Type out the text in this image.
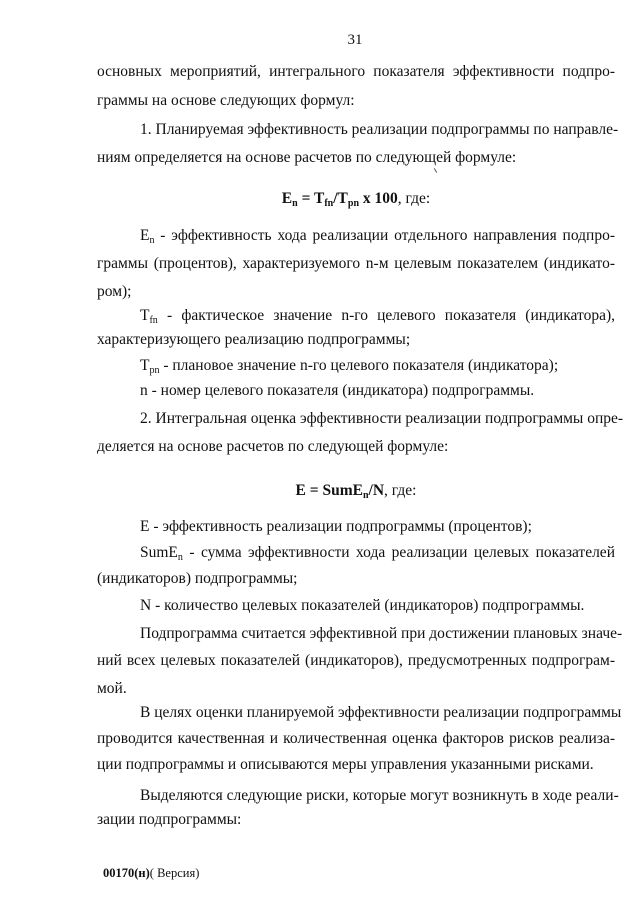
31
основных мероприятий, интегрального показателя эффективности подпро-
граммы на основе следующих формул:
1. Планируемая эффективность реализации подпрограммы по направле-
ниям определяется на основе расчетов по следующей формуле:
$E_n = T_{fn}/T_{pn}$ x 100, где:
$E_n$ - эффективность хода реализации отдельного направления подпро-
граммы (процентов), характеризуемого n-м целевым показателем (индикато-
ром);
$T_{fn}$ - фактическое значение n-го целевого показателя (индикатора),
характеризующего реализацию подпрограммы;
$T_{pn}$ - плановое значение n-го целевого показателя (индикатора);
n - номер целевого показателя (индикатора) подпрограммы.
2. Интегральная оценка эффективности реализации подпрограммы опре-
деляется на основе расчетов по следующей формуле:
E = SumE$_n$/N, где:
E - эффективность реализации подпрограммы (процентов);
SumE$_n$ - сумма эффективности хода реализации целевых показателей
(индикаторов) подпрограммы;
N - количество целевых показателей (индикаторов) подпрограммы.
Подпрограмма считается эффективной при достижении плановых значе-
ний всех целевых показателей (индикаторов), предусмотренных подпрограм-
мой.
В целях оценки планируемой эффективности реализации подпрограммы
проводится качественная и количественная оценка факторов рисков реализа-
ции подпрограммы и описываются меры управления указанными рисками.
Выделяются следующие риски, которые могут возникнуть в ходе реали-
зации подпрограммы:
00170(н)( Версия)
